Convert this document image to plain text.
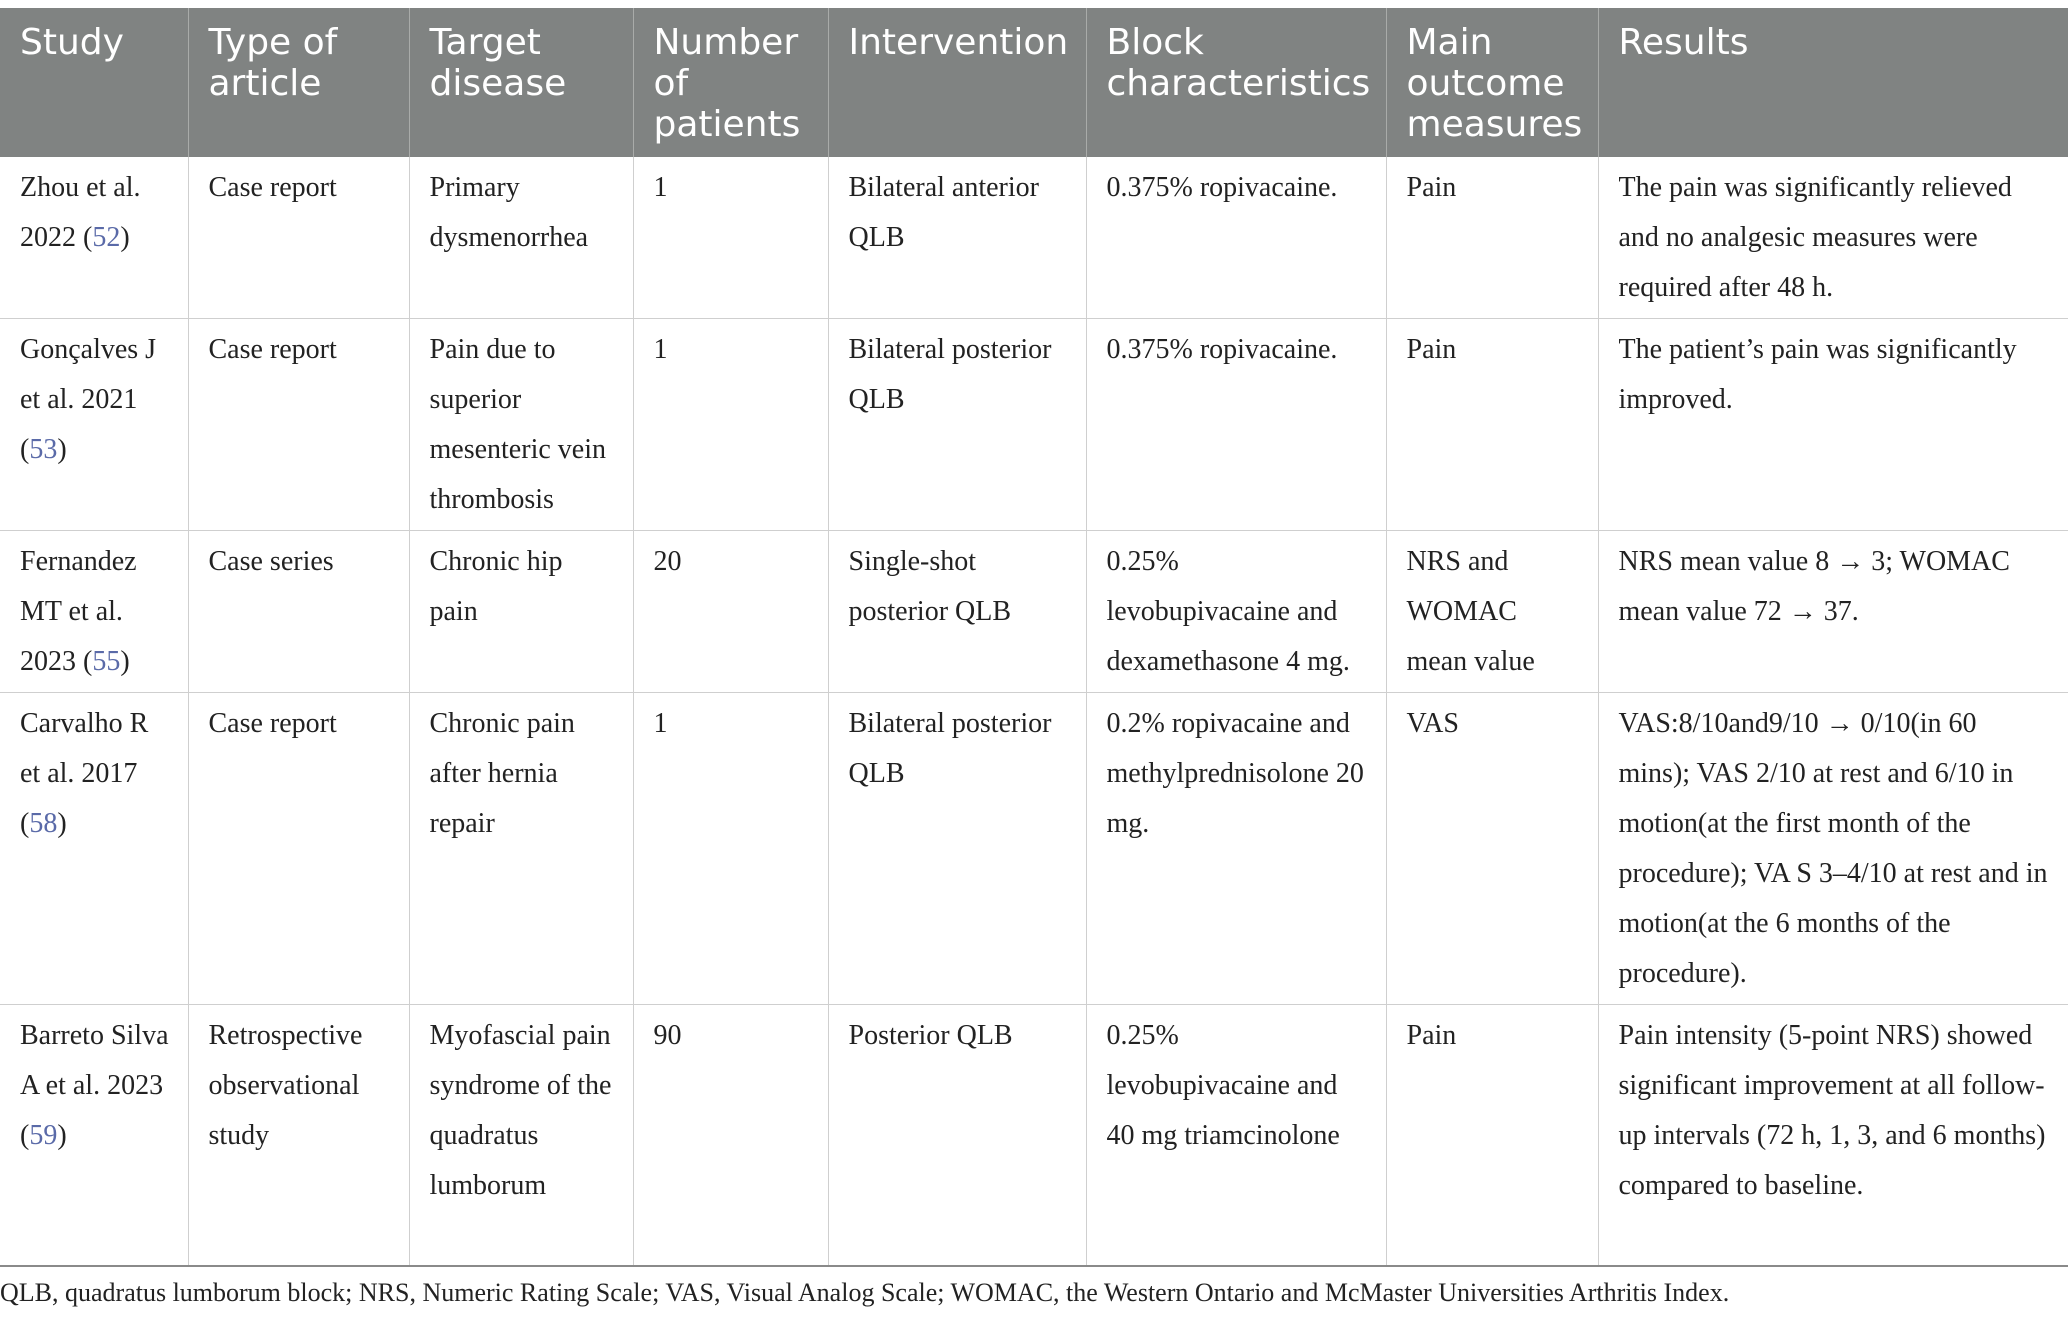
Study	Type of article	Target disease	Number of patients	Intervention	Block characteristics	Main outcome measures	Results
Zhou et al. 2022 (52)	Case report	Primary dysmenorrhea	1	Bilateral anterior QLB	0.375% ropivacaine.	Pain	The pain was significantly relieved and no analgesic measures were required after 48 h.
Gonçalves J et al. 2021 (53)	Case report	Pain due to superior mesenteric vein thrombosis	1	Bilateral posterior QLB	0.375% ropivacaine.	Pain	The patient’s pain was significantly improved.
Fernandez MT et al. 2023 (55)	Case series	Chronic hip pain	20	Single-shot posterior QLB	0.25% levobupivacaine and dexamethasone 4 mg.	NRS and WOMAC mean value	NRS mean value 8 → 3; WOMAC mean value 72 → 37.
Carvalho R et al. 2017 (58)	Case report	Chronic pain after hernia repair	1	Bilateral posterior QLB	0.2% ropivacaine and methylprednisolone 20 mg.	VAS	VAS:8/10and9/10 → 0/10(in 60 mins); VAS 2/10 at rest and 6/10 in motion(at the first month of the procedure); VA S 3–4/10 at rest and in motion(at the 6 months of the procedure).
Barreto Silva A et al. 2023 (59)	Retrospective observational study	Myofascial pain syndrome of the quadratus lumborum	90	Posterior QLB	0.25% levobupivacaine and 40 mg triamcinolone	Pain	Pain intensity (5-point NRS) showed significant improvement at all follow-up intervals (72 h, 1, 3, and 6 months) compared to baseline.
QLB, quadratus lumborum block; NRS, Numeric Rating Scale; VAS, Visual Analog Scale; WOMAC, the Western Ontario and McMaster Universities Arthritis Index.
